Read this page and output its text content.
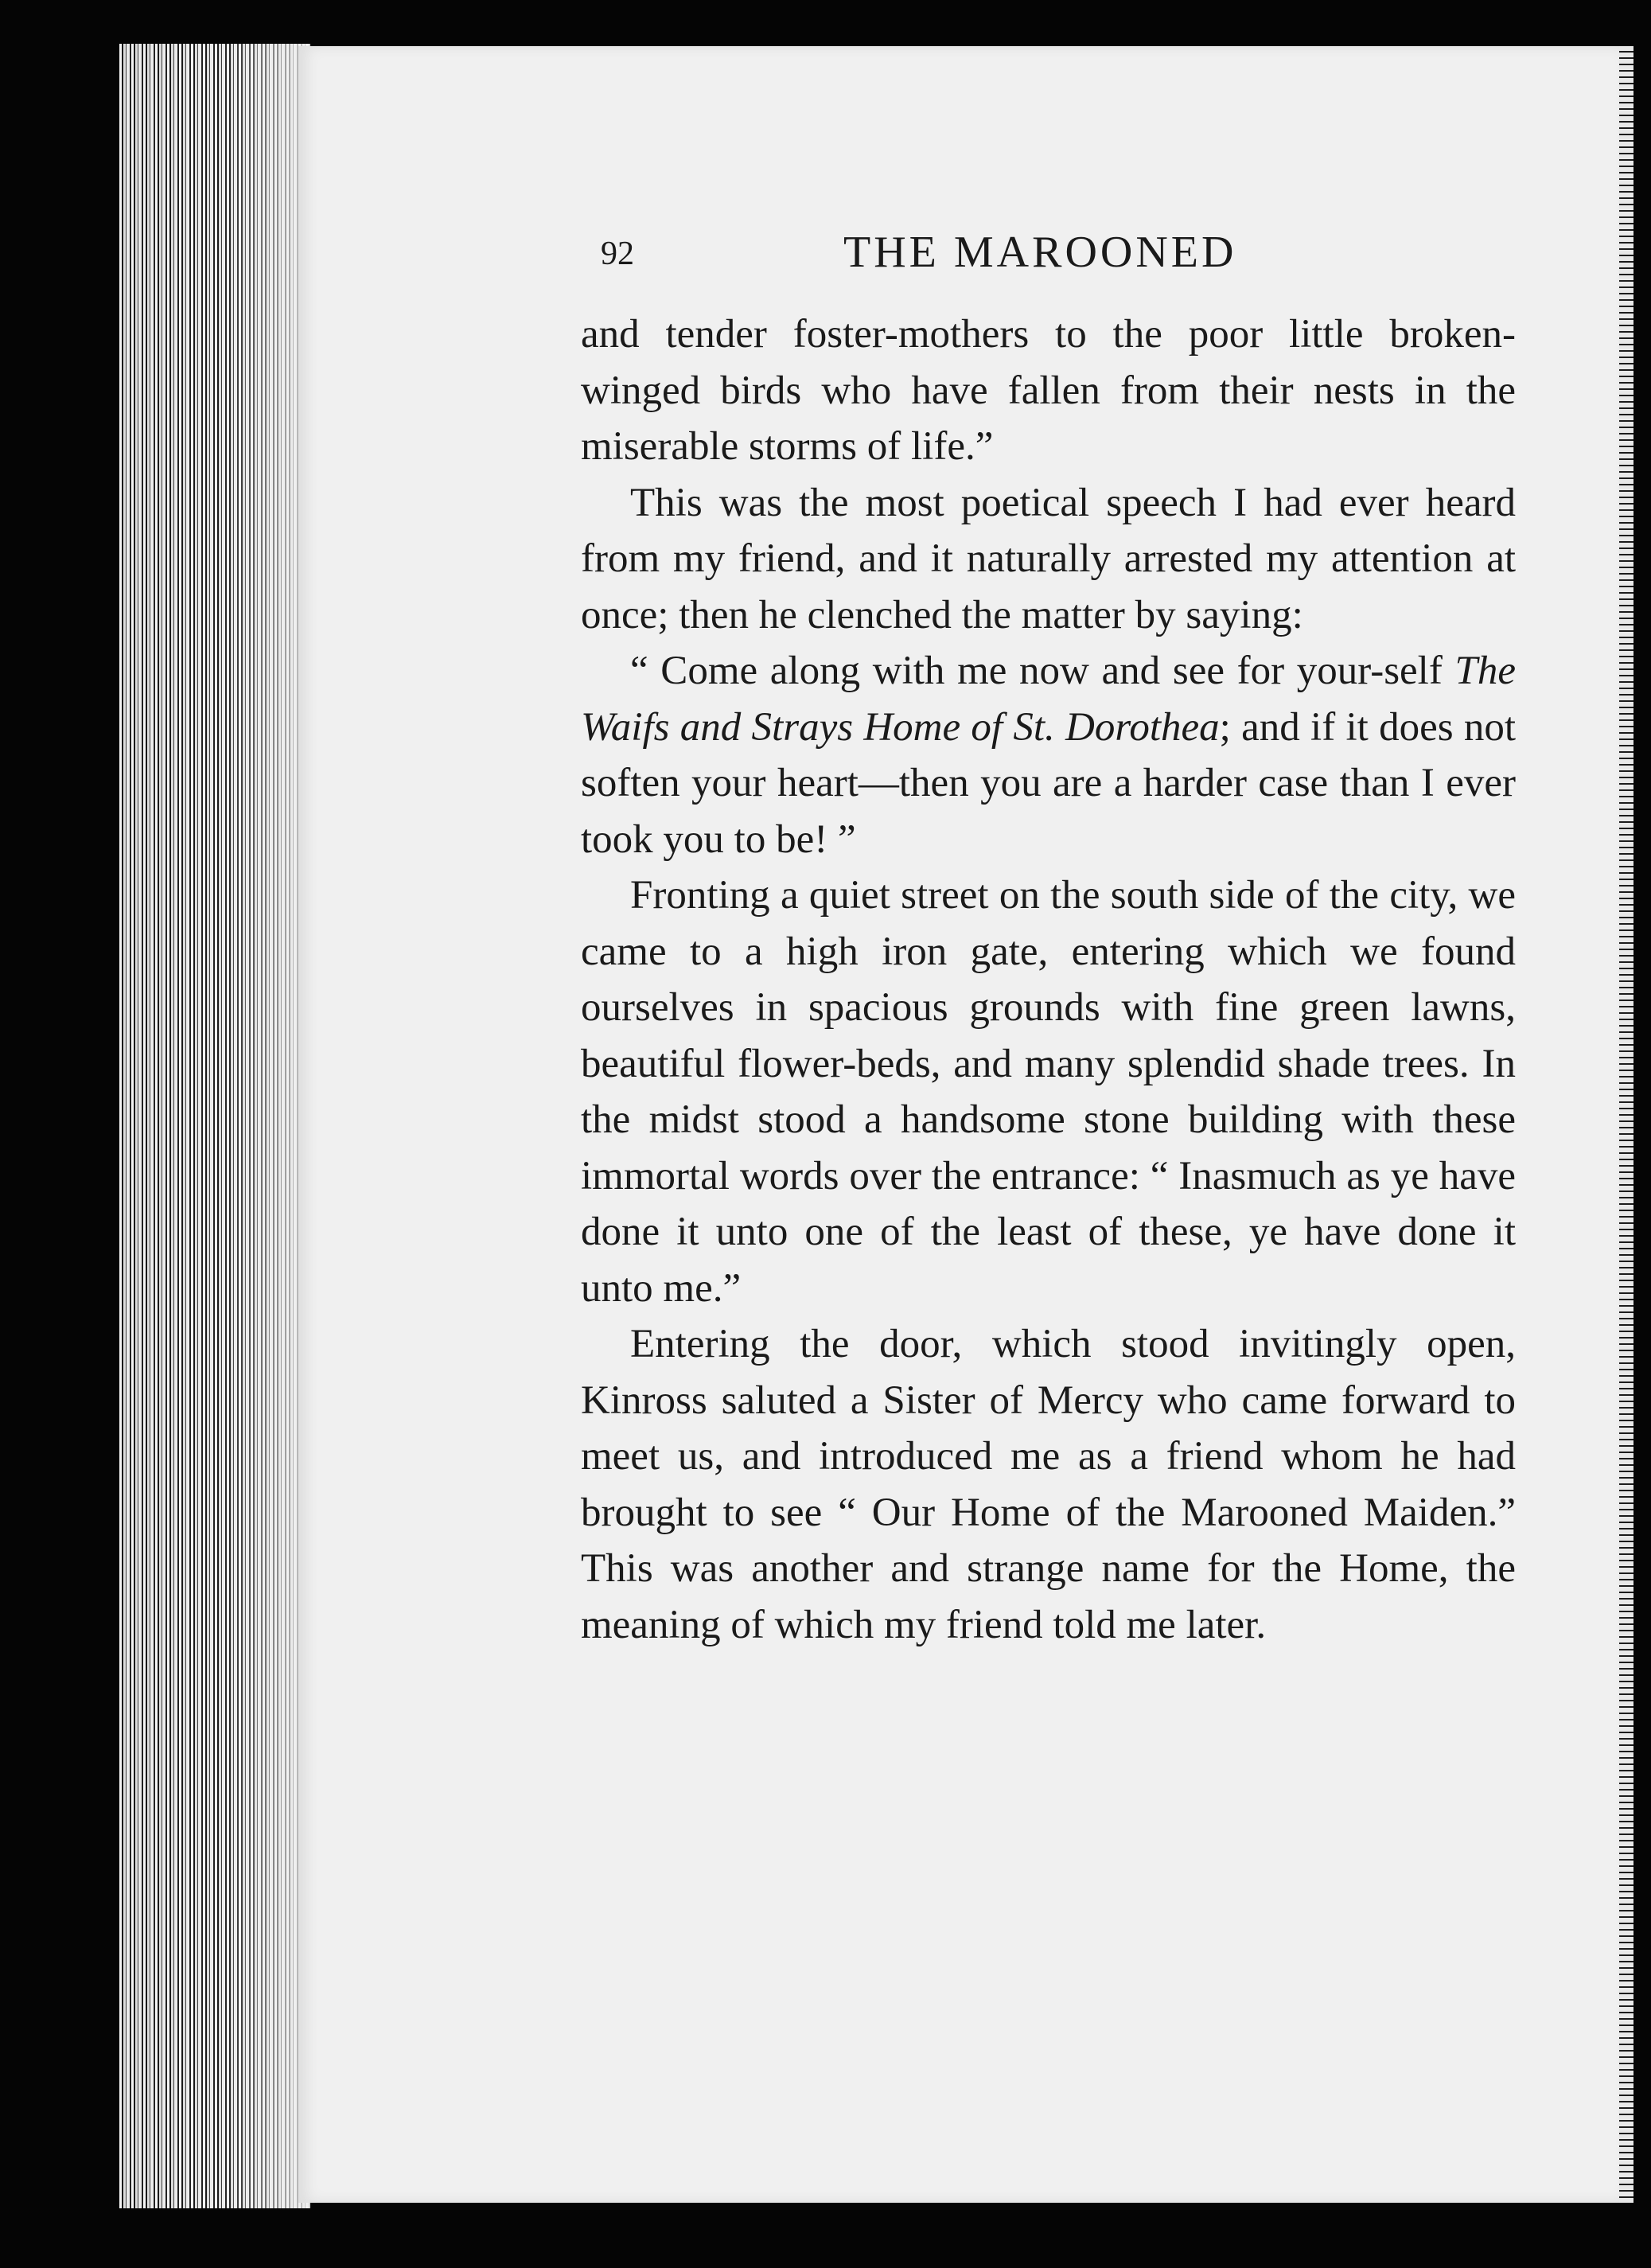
92	THE MAROONED

and tender foster-mothers to the poor little broken-winged birds who have fallen from their nests in the miserable storms of life.”

This was the most poetical speech I had ever heard from my friend, and it naturally arrested my attention at once; then he clenched the matter by saying:

“ Come along with me now and see for your-self The Waifs and Strays Home of St. Dorothea; and if it does not soften your heart—then you are a harder case than I ever took you to be! ”

Fronting a quiet street on the south side of the city, we came to a high iron gate, entering which we found ourselves in spacious grounds with fine green lawns, beautiful flower-beds, and many splendid shade trees. In the midst stood a handsome stone building with these immortal words over the entrance: “ Inasmuch as ye have done it unto one of the least of these, ye have done it unto me.”

Entering the door, which stood invitingly open, Kinross saluted a Sister of Mercy who came forward to meet us, and introduced me as a friend whom he had brought to see “ Our Home of the Marooned Maiden.” This was another and strange name for the Home, the meaning of which my friend told me later.
